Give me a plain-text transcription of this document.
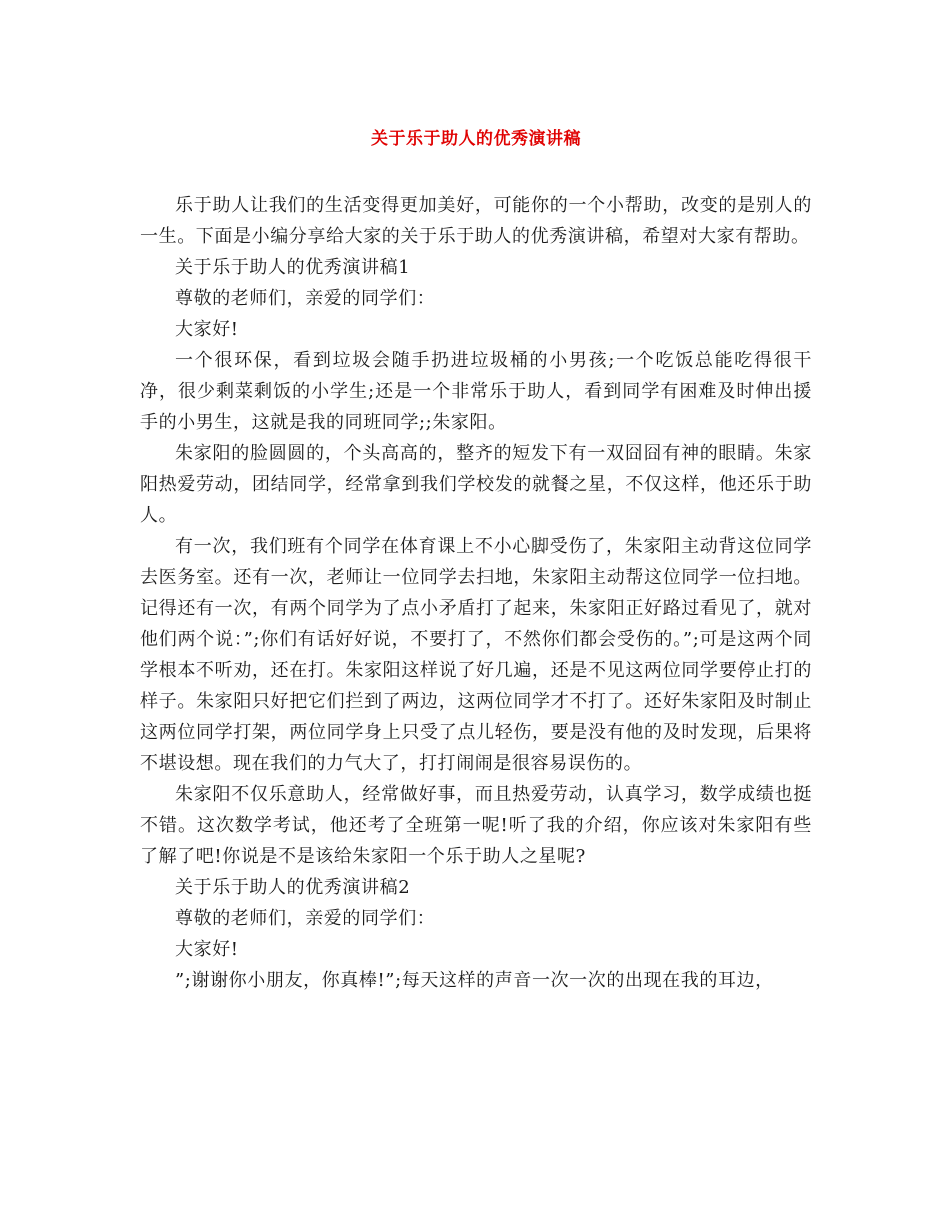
关于乐于助人的优秀演讲稿

乐于助人让我们的生活变得更加美好，可能你的一个小帮助，改变的是别人的一生。下面是小编分享给大家的关于乐于助人的优秀演讲稿，希望对大家有帮助。

关于乐于助人的优秀演讲稿1

尊敬的老师们，亲爱的同学们：

大家好!

一个很环保，看到垃圾会随手扔进垃圾桶的小男孩;一个吃饭总能吃得很干净，很少剩菜剩饭的小学生;还是一个非常乐于助人，看到同学有困难及时伸出援手的小男生，这就是我的同班同学;;朱家阳。

朱家阳的脸圆圆的，个头高高的，整齐的短发下有一双囧囧有神的眼睛。朱家阳热爱劳动，团结同学，经常拿到我们学校发的就餐之星，不仅这样，他还乐于助人。

有一次，我们班有个同学在体育课上不小心脚受伤了，朱家阳主动背这位同学去医务室。还有一次，老师让一位同学去扫地，朱家阳主动帮这位同学一位扫地。记得还有一次，有两个同学为了点小矛盾打了起来，朱家阳正好路过看见了，就对他们两个说：”;你们有话好好说，不要打了，不然你们都会受伤的。”;可是这两个同学根本不听劝，还在打。朱家阳这样说了好几遍，还是不见这两位同学要停止打的样子。朱家阳只好把它们拦到了两边，这两位同学才不打了。还好朱家阳及时制止这两位同学打架，两位同学身上只受了点儿轻伤，要是没有他的及时发现，后果将不堪设想。现在我们的力气大了，打打闹闹是很容易误伤的。

朱家阳不仅乐意助人，经常做好事，而且热爱劳动，认真学习，数学成绩也挺不错。这次数学考试，他还考了全班第一呢!听了我的介绍，你应该对朱家阳有些了解了吧!你说是不是该给朱家阳一个乐于助人之星呢?

关于乐于助人的优秀演讲稿2

尊敬的老师们，亲爱的同学们：

大家好!

”;谢谢你小朋友，你真棒!”;每天这样的声音一次一次的出现在我的耳边，
